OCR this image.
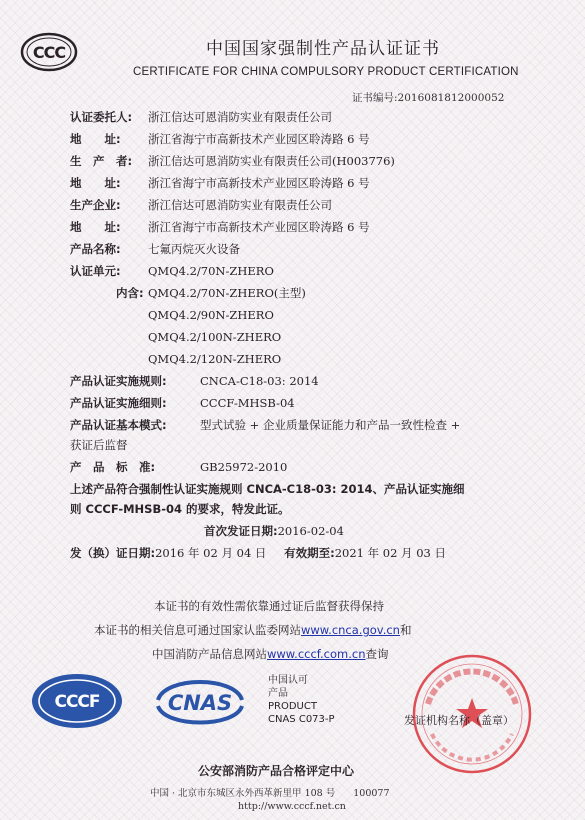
CCC	中国国家强制性产品认证证书
CERTIFICATE FOR CHINA COMPULSORY PRODUCT CERTIFICATION
证书编号:2016081812000052
认证委托人: 浙江信达可恩消防实业有限责任公司
地　　址: 浙江省海宁市高新技术产业园区聆涛路 6 号
生　产　者: 浙江信达可恩消防实业有限责任公司(H003776)
地　　址: 浙江省海宁市高新技术产业园区聆涛路 6 号
生产企业: 浙江信达可恩消防实业有限责任公司
地　　址: 浙江省海宁市高新技术产业园区聆涛路 6 号
产品名称: 七氟丙烷灭火设备
认证单元: QMQ4.2/70N-ZHERO
内含: QMQ4.2/70N-ZHERO(主型)
QMQ4.2/90N-ZHERO
QMQ4.2/100N-ZHERO
QMQ4.2/120N-ZHERO
产品认证实施规则:	CNCA-C18-03: 2014
产品认证实施细则:	CCCF-MHSB-04
产品认证基本模式:	型式试验 + 企业质量保证能力和产品一致性检查 +
获证后监督
产　品　标　准:	GB25972-2010
上述产品符合强制性认证实施规则 CNCA-C18-03: 2014、产品认证实施细
则 CCCF-MHSB-04 的要求，特发此证。
首次发证日期:2016-02-04
发（换）证日期:2016 年 02 月 04 日 有效期至:2021 年 02 月 03 日
本证书的有效性需依靠通过证后监督获得保持
本证书的相关信息可通过国家认监委网站www.cnca.gov.cn和
中国消防产品信息网站www.cccf.com.cn查询
CCCF	CNAS
中国认可
产品
PRODUCT
CNAS C073-P	发证机构名称（盖章）
公安部消防产品合格评定中心
中国 · 北京市东城区永外西革新里甲 108 号 100077
http://www.cccf.net.cn
